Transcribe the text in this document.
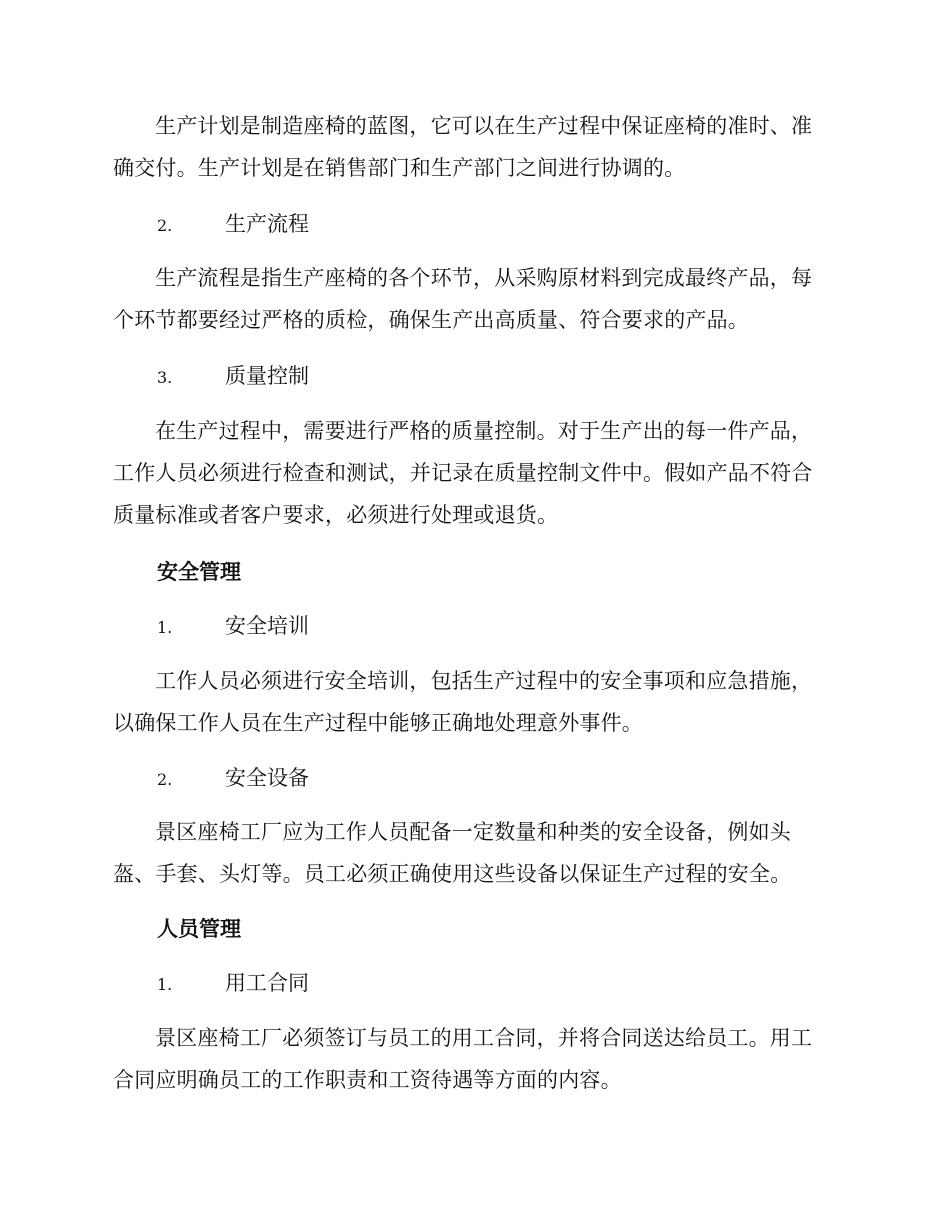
生产计划是制造座椅的蓝图，它可以在生产过程中保证座椅的准时、准确交付。生产计划是在销售部门和生产部门之间进行协调的。

2.	生产流程

生产流程是指生产座椅的各个环节，从采购原材料到完成最终产品，每个环节都要经过严格的质检，确保生产出高质量、符合要求的产品。

3.	质量控制

在生产过程中，需要进行严格的质量控制。对于生产出的每一件产品，工作人员必须进行检查和测试，并记录在质量控制文件中。假如产品不符合质量标准或者客户要求，必须进行处理或退货。

安全管理

1.	安全培训

工作人员必须进行安全培训，包括生产过程中的安全事项和应急措施，以确保工作人员在生产过程中能够正确地处理意外事件。

2.	安全设备

景区座椅工厂应为工作人员配备一定数量和种类的安全设备，例如头盔、手套、头灯等。员工必须正确使用这些设备以保证生产过程的安全。

人员管理

1.	用工合同

景区座椅工厂必须签订与员工的用工合同，并将合同送达给员工。用工合同应明确员工的工作职责和工资待遇等方面的内容。
